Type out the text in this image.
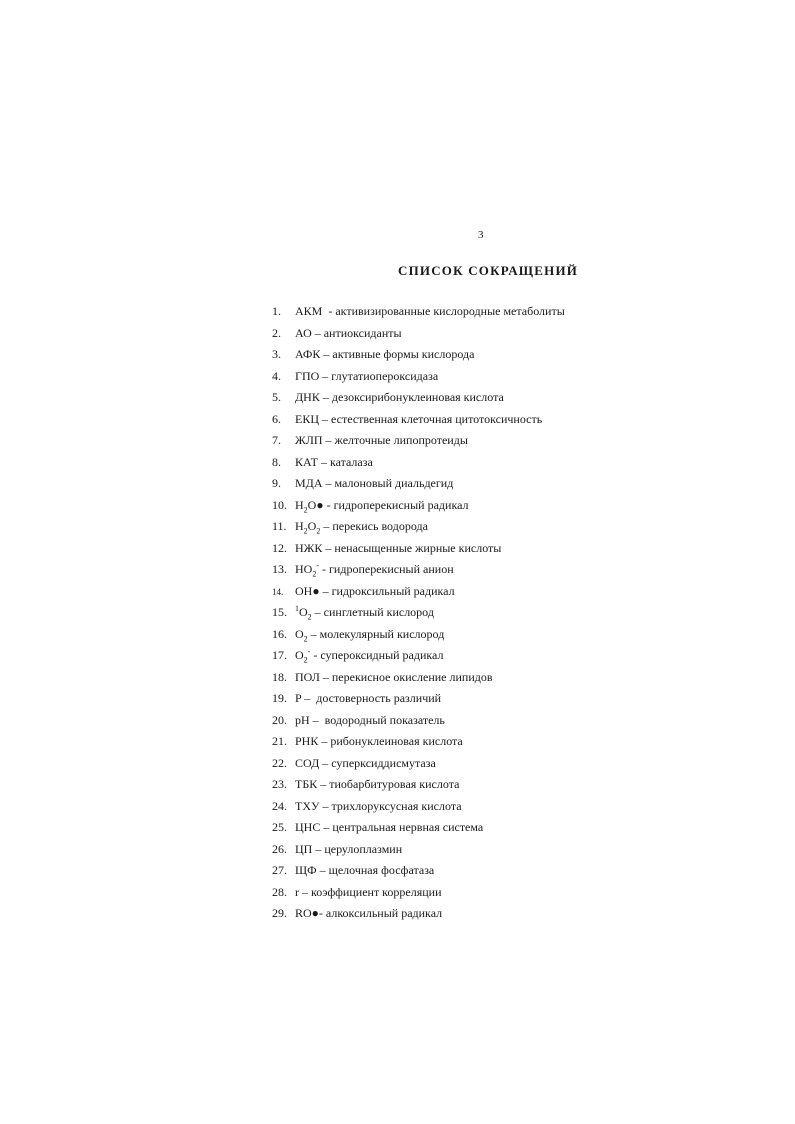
3
СПИСОК СОКРАЩЕНИЙ
1. АКМ  - активизированные кислородные метаболиты
2. АО – антиоксиданты
3. АФК – активные формы кислорода
4. ГПО – глутатиопероксидаза
5. ДНК – дезоксирибонуклеиновая кислота
6. ЕКЦ – естественная клеточная цитотоксичность
7. ЖЛП – желточные липопротеиды
8. КАТ – каталаза
9. МДА – малоновый диальдегид
10. $H_2O●$ - гидроперекисный радикал
11. $H_2O_2$ – перекись водорода
12. НЖК – ненасыщенные жирные кислоты
13. $HO_2^-$ - гидроперекисный анион
14. OH● – гидроксильный радикал
15. $^1O_2$ – синглетный кислород
16. $O_2$ – молекулярный кислород
17. $O_2^-$ - супероксидный радикал
18. ПОЛ – перекисное окисление липидов
19. P –  достоверность различий
20. pH –  водородный показатель
21. РНК – рибонуклеиновая кислота
22. СОД – суперксиддисмутаза
23. ТБК – тиобарбитуровая кислота
24. ТХУ – трихлоруксусная кислота
25. ЦНС – центральная нервная система
26. ЦП – церулоплазмин
27. ЩФ – щелочная фосфатаза
28. r – коэффициент корреляции
29. RO●- алкоксильный радикал
